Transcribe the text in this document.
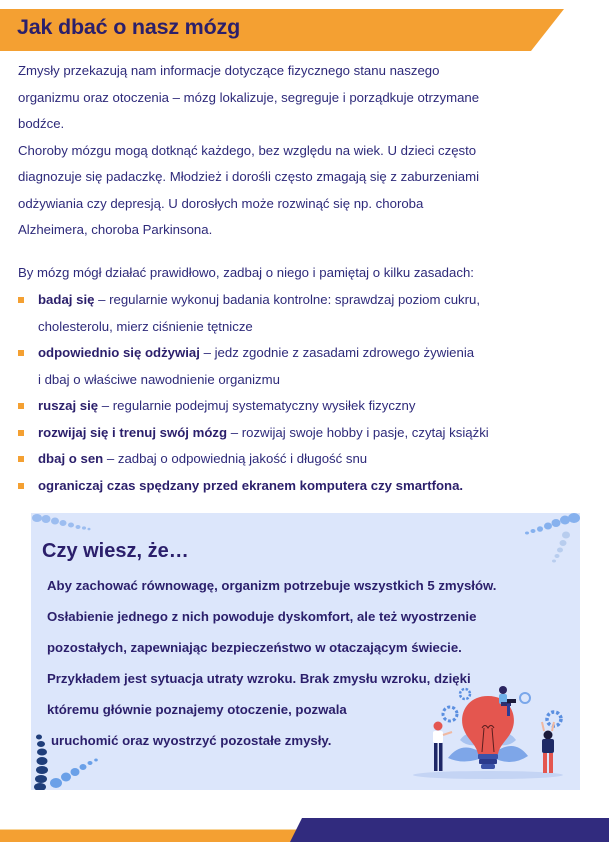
Jak dbać o nasz mózg

Zmysły przekazują nam informacje dotyczące fizycznego stanu naszego
organizmu oraz otoczenia – mózg lokalizuje, segreguje i porządkuje otrzymane
bodźce.

Choroby mózgu mogą dotknąć każdego, bez względu na wiek. U dzieci często
diagnozuje się padaczkę. Młodzież i dorośli często zmagają się z zaburzeniami
odżywiania czy depresją. U dorosłych może rozwinąć się np. choroba
Alzheimera, choroba Parkinsona.

By mózg mógł działać prawidłowo, zadbaj o niego i pamiętaj o kilku zasadach:
badaj się – regularnie wykonuj badania kontrolne: sprawdzaj poziom cukru,
cholesterolu, mierz ciśnienie tętnicze
odpowiednio się odżywiaj – jedz zgodnie z zasadami zdrowego żywienia
i dbaj o właściwe nawodnienie organizmu
ruszaj się – regularnie podejmuj systematyczny wysiłek fizyczny
rozwijaj się i trenuj swój mózg – rozwijaj swoje hobby i pasje, czytaj książki
dbaj o sen – zadbaj o odpowiednią jakość i długość snu
ograniczaj czas spędzany przed ekranem komputera czy smartfona.
Czy wiesz, że…
Aby zachować równowagę, organizm potrzebuje wszystkich 5 zmysłów.
Osłabienie jednego z nich powoduje dyskomfort, ale też wyostrzenie
pozostałych, zapewniając bezpieczeństwo w otaczającym świecie.
Przykładem jest sytuacja utraty wzroku. Brak zmysłu wzroku, dzięki
któremu głównie poznajemy otoczenie, pozwala
uruchomić oraz wyostrzyć pozostałe zmysły.
